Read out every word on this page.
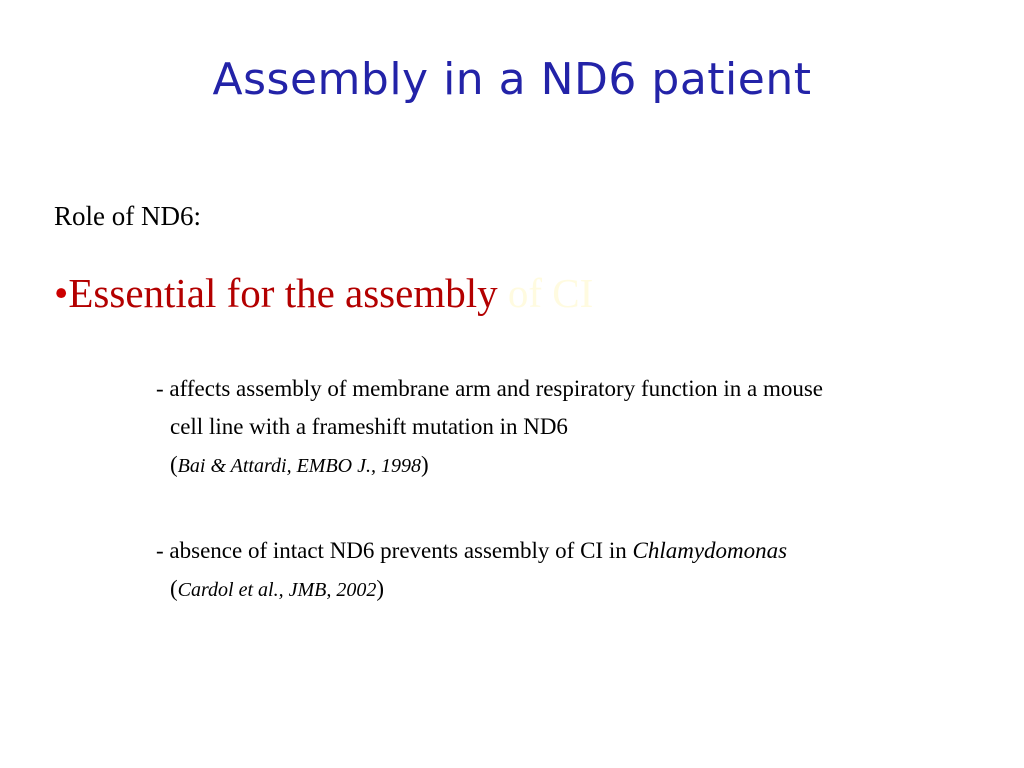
Assembly in a ND6 patient
Role of ND6:
•Essential for the assembly of CI
- affects assembly of membrane arm and respiratory function in a mouse
cell line with a frameshift mutation in ND6
(Bai & Attardi, EMBO J., 1998)
- absence of intact ND6 prevents assembly of CI in Chlamydomonas
(Cardol et al., JMB, 2002)
